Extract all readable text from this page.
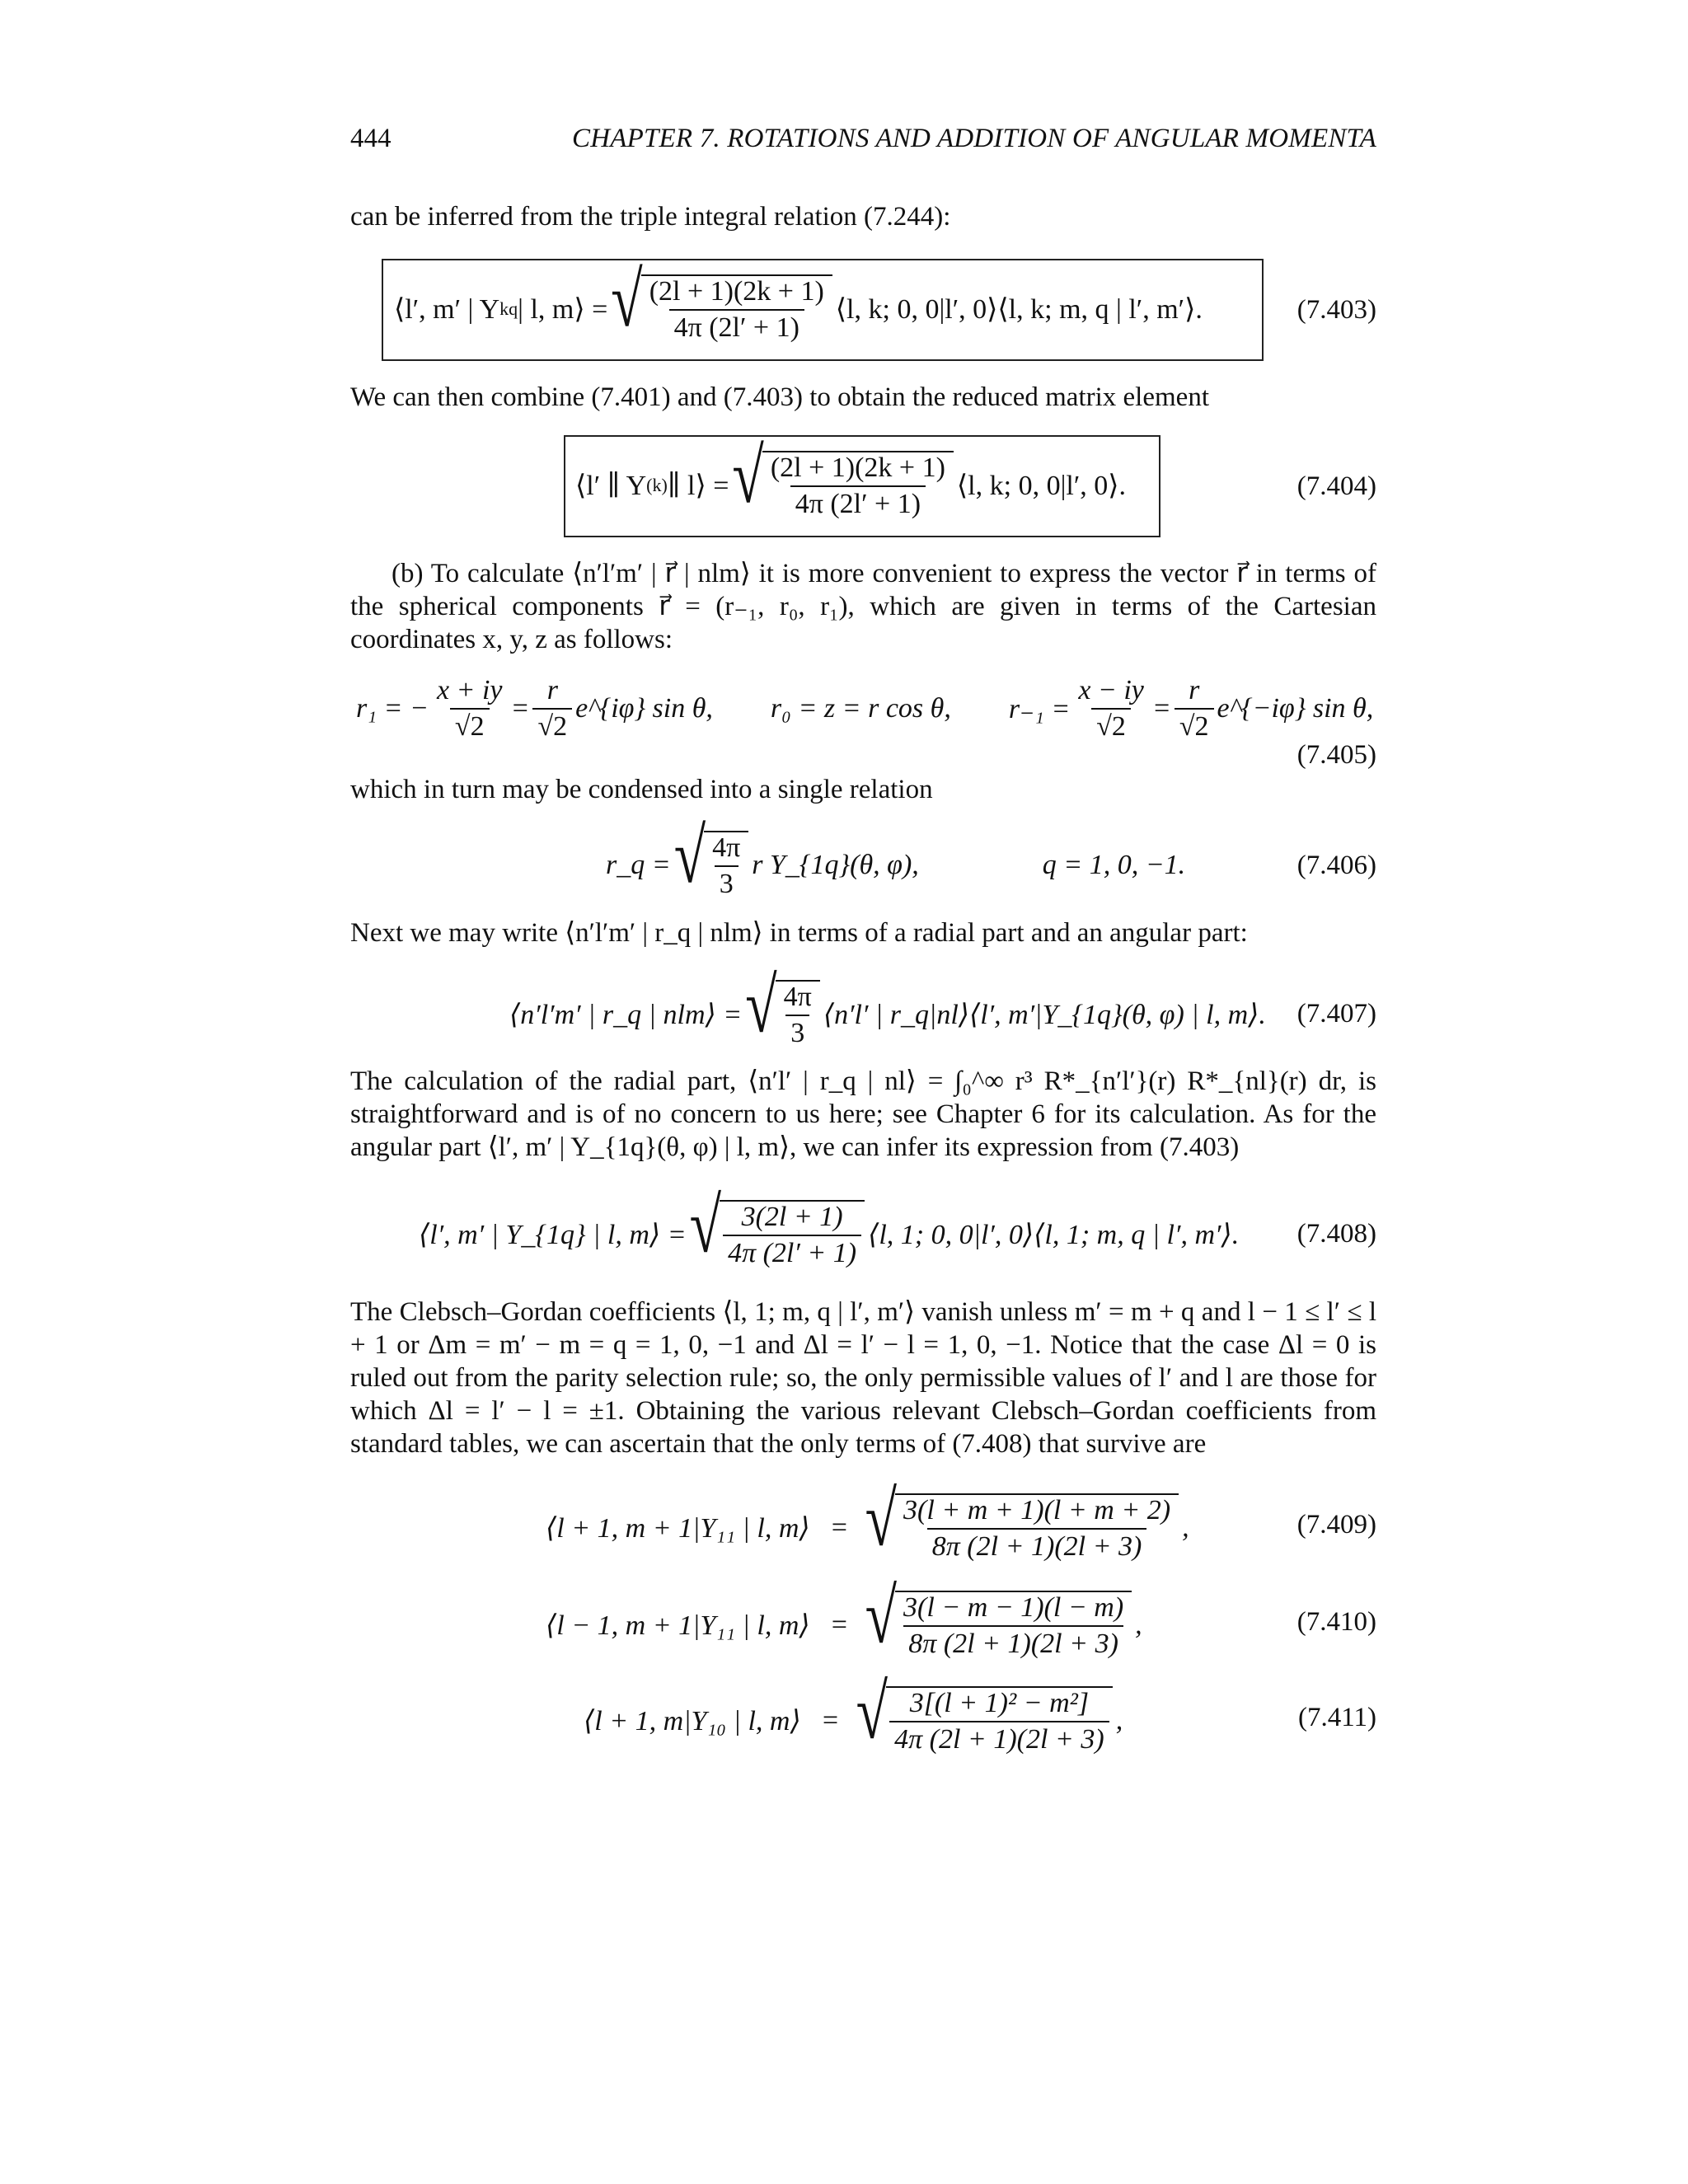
444	CHAPTER 7. ROTATIONS AND ADDITION OF ANGULAR MOMENTA

can be inferred from the triple integral relation (7.244):

⟨l′, m′ | Y kq | l, m⟩ = √ $\frac{(2l + 1)(2k + 1)}{4\pi (2l' + 1)}$ ⟨l, k; 0, 0|l′, 0⟩⟨l, k; m, q | l′, m′⟩.	(7.403)

We can then combine (7.401) and (7.403) to obtain the reduced matrix element

⟨l′ ∥ Y (k) ∥ l⟩ = √ $\frac{(2l + 1)(2k + 1)}{4\pi (2l' + 1)}$ ⟨l, k; 0, 0|l′, 0⟩.	(7.404)

(b) To calculate ⟨n′l′m′ | r⃗ | nlm⟩ it is more convenient to express the vector r⃗ in terms of the spherical components r⃗ = (r₋₁, r₀, r₁), which are given in terms of the Cartesian coordinates x, y, z as follows:

r₁ = − $\frac{x + iy}{√2} = \frac{r}{√2}$ e^{iφ} sin θ, r₀ = z = r cos θ, $r_{-1} = \frac{x - iy}{√2} = \frac{r}{√2}$ e^{−iφ} sin θ,
(7.405)

which in turn may be condensed into a single relation

r_q = √ $\frac{4\pi}{3}$ r Y_{1q}(θ, φ),	q = 1, 0, −1.	(7.406)

Next we may write ⟨n′l′m′ | r_q | nlm⟩ in terms of a radial part and an angular part:

⟨n′l′m′ | r_q | nlm⟩ = √ $\frac{4\pi}{3}$ ⟨n′l′ | r_q|nl⟩⟨l′, m′|Y_{1q}(θ, φ) | l, m⟩. (7.407)

The calculation of the radial part, ⟨n′l′ | r_q | nl⟩ = ∫₀^∞ r³ R*_{n′l′}(r) R*_{nl}(r) dr, is straightforward and is of no concern to us here; see Chapter 6 for its calculation. As for the angular part ⟨l′, m′ | Y_{1q}(θ, φ) | l, m⟩, we can infer its expression from (7.403)

⟨l′, m′ | Y_{1q} | l, m⟩ = √ $\frac{3(2l + 1)}{4\pi (2l' + 1)}$ ⟨l, 1; 0, 0|l′, 0⟩⟨l, 1; m, q | l′, m′⟩. (7.408)

The Clebsch–Gordan coefficients ⟨l, 1; m, q | l′, m′⟩ vanish unless m′ = m + q and l − 1 ≤ l′ ≤ l + 1 or Δm = m′ − m = q = 1, 0, −1 and Δl = l′ − l = 1, 0, −1. Notice that the case Δl = 0 is ruled out from the parity selection rule; so, the only permissible values of l′ and l are those for which Δl = l′ − l = ±1. Obtaining the various relevant Clebsch–Gordan coefficients from standard tables, we can ascertain that the only terms of (7.408) that survive are

⟨l + 1, m + 1|Y₁₁ | l, m⟩ = √ $\frac{3(l + m + 1)(l + m + 2)}{8\pi (2l + 1)(2l + 3)}$ ,	(7.409)
⟨l − 1, m + 1|Y₁₁ | l, m⟩ = √ $\frac{3(l - m - 1)(l - m)}{8\pi (2l + 1)(2l + 3)}$ ,	(7.410)
⟨l + 1, m|Y₁₀ | l, m⟩ = √ $\frac{\text{3[(l + 1)² − m²]}}{4\pi (2l + 1)(2l + 3)}$ ,	(7.411)
